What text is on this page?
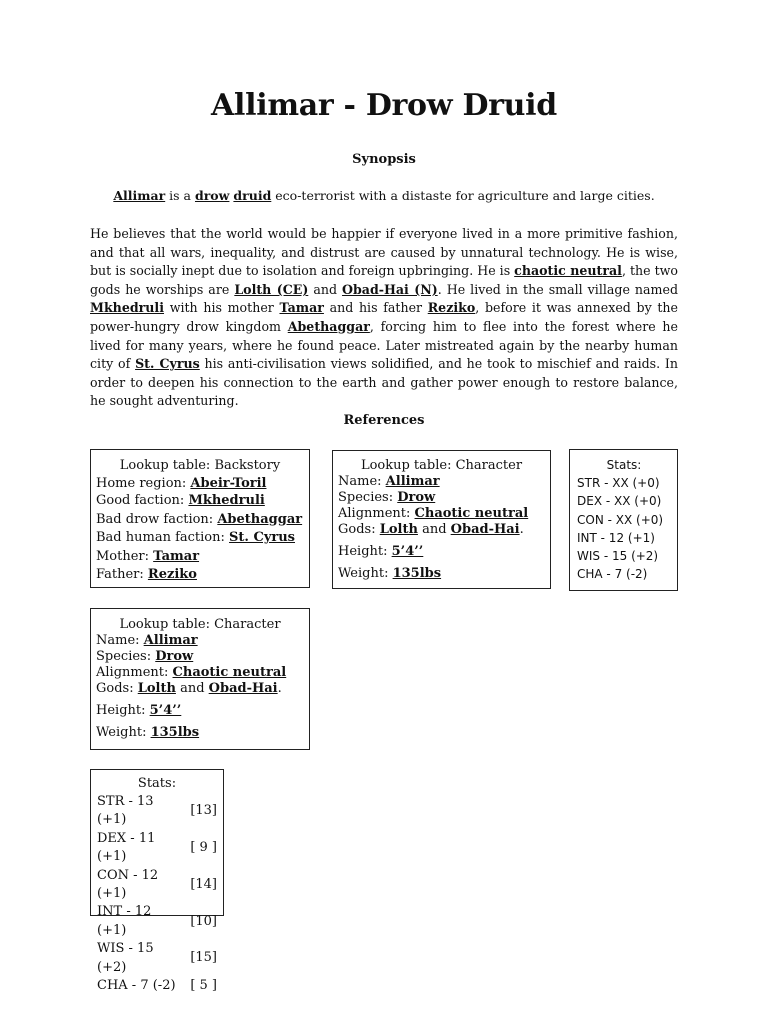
Allimar - Drow Druid
Synopsis
Allimar is a drow druid eco-terrorist with a distaste for agriculture and large cities.
He believes that the world would be happier if everyone lived in a more primitive fashion, and that all wars, inequality, and distrust are caused by unnatural technology. He is wise, but is socially inept due to isolation and foreign upbringing. He is chaotic neutral, the two gods he worships are Lolth (CE) and Obad-Hai (N). He lived in the small village named Mkhedruli with his mother Tamar and his father Reziko, before it was annexed by the power-hungry drow kingdom Abethaggar, forcing him to flee into the forest where he lived for many years, where he found peace. Later mistreated again by the nearby human city of St. Cyrus his anti-civilisation views solidified, and he took to mischief and raids. In order to deepen his connection to the earth and gather power enough to restore balance, he sought adventuring.
References
Lookup table: Backstory
Home region: Abeir-Toril
Good faction: Mkhedruli
Bad drow faction: Abethaggar
Bad human faction: St. Cyrus
Mother: Tamar
Father: Reziko
Lookup table: Character
Name: Allimar
Species: Drow
Alignment: Chaotic neutral
Gods: Lolth and Obad-Hai.
Height: 5’4’’
Weight: 135lbs
Stats:
STR - XX (+0)
DEX - XX (+0)
CON - XX (+0)
INT - 12 (+1)
WIS - 15 (+2)
CHA - 7 (-2)
Lookup table: Character
Name: Allimar
Species: Drow
Alignment: Chaotic neutral
Gods: Lolth and Obad-Hai.
Height: 5’4’’
Weight: 135lbs
Stats:
STR - 13 (+1)	[13]
DEX - 11 (+1)	[ 9 ]
CON - 12 (+1)	[14]
INT - 12 (+1)	[10]
WIS - 15 (+2)	[15]
CHA - 7 (-2)	[ 5 ]
